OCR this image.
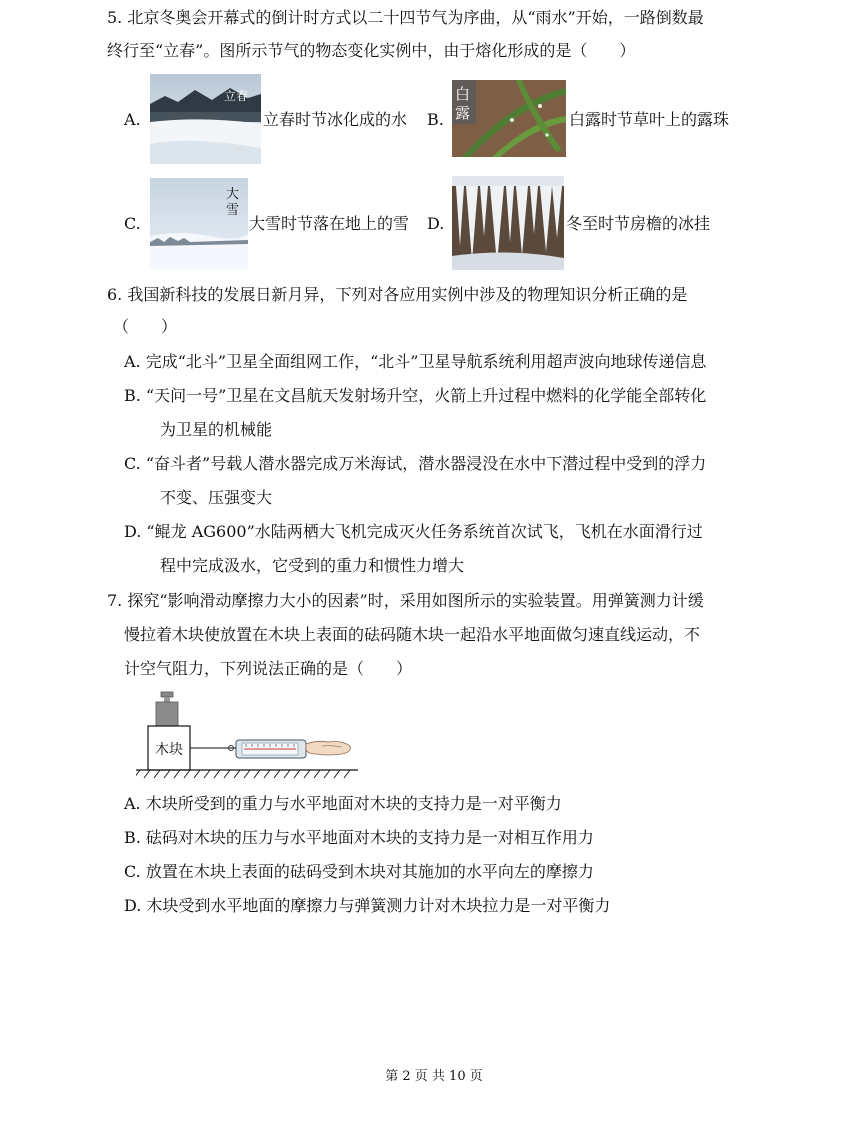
5. 北京冬奥会开幕式的倒计时方式以二十四节气为序曲，从“雨水”开始，一路倒数最
终行至“立春”。图所示节气的物态变化实例中，由于熔化形成的是（　　）
A.
立春
立春时节冰化成的水 B.
白
露	白露时节草叶上的露珠
C.
大
雪
大雪时节落在地上的雪 D.	冬至时节房檐的冰挂
6. 我国新科技的发展日新月异，下列对各应用实例中涉及的物理知识分析正确的是
（　　）
A. 完成“北斗”卫星全面组网工作，“北斗”卫星导航系统利用超声波向地球传递信息
B. “天问一号”卫星在文昌航天发射场升空，火箭上升过程中燃料的化学能全部转化
为卫星的机械能
C. “奋斗者”号载人潜水器完成万米海试，潜水器浸没在水中下潜过程中受到的浮力
不变、压强变大
D. “鲲龙 AG600”水陆两栖大飞机完成灭火任务系统首次试飞，飞机在水面滑行过
程中完成汲水，它受到的重力和惯性力增大
7. 探究“影响滑动摩擦力大小的因素”时，采用如图所示的实验装置。用弹簧测力计缓
慢拉着木块使放置在木块上表面的砝码随木块一起沿水平地面做匀速直线运动，不
计空气阻力，下列说法正确的是（　　）
木块
A. 木块所受到的重力与水平地面对木块的支持力是一对平衡力
B. 砝码对木块的压力与水平地面对木块的支持力是一对相互作用力
C. 放置在木块上表面的砝码受到木块对其施加的水平向左的摩擦力
D. 木块受到水平地面的摩擦力与弹簧测力计对木块拉力是一对平衡力
第 2 页 共 10 页
